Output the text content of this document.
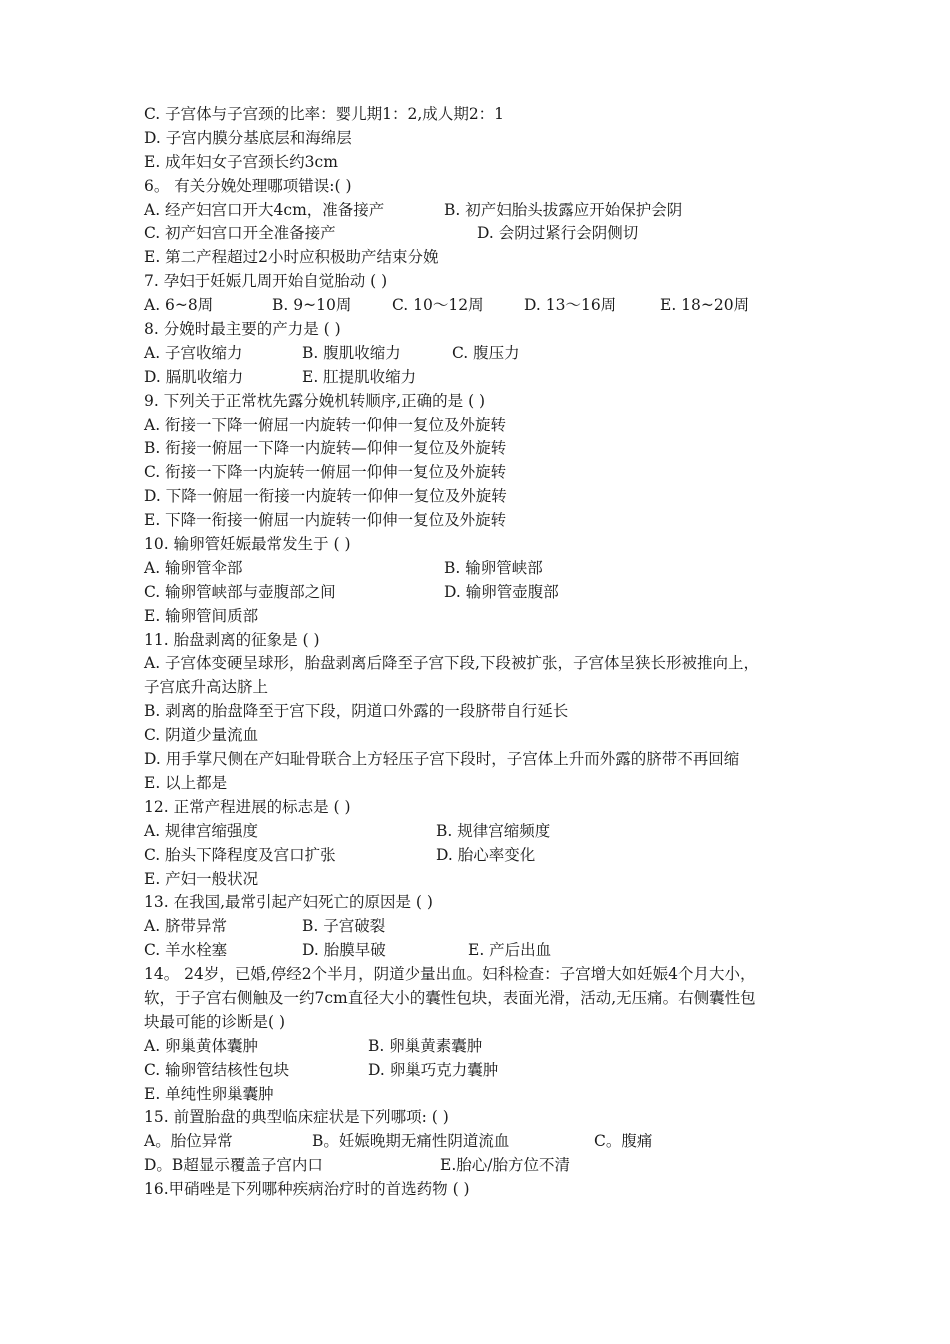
C. 子宫体与子宫颈的比率：婴儿期1：2,成人期2：1
D. 子宫内膜分基底层和海绵层
E. 成年妇女子宫颈长约3cm
6。 有关分娩处理哪项错误:( )
A. 经产妇宫口开大4cm，准备接产	B. 初产妇胎头拔露应开始保护会阴
C. 初产妇宫口开全准备接产	D. 会阴过紧行会阴侧切
E. 第二产程超过2小时应积极助产结束分娩
7. 孕妇于妊娠几周开始自觉胎动 ( )
A. 6~8周	B. 9~10周	C. 10～12周	D. 13～16周	E. 18~20周
8. 分娩时最主要的产力是 ( )
A. 子宫收缩力	B. 腹肌收缩力	C. 腹压力
D. 膈肌收缩力	E. 肛提肌收缩力
9. 下列关于正常枕先露分娩机转顺序,正确的是 ( )
A. 衔接一下降一俯屈一内旋转一仰伸一复位及外旋转
B. 衔接一俯屈一下降一内旋转—仰伸一复位及外旋转
C. 衔接一下降一内旋转一俯屈一仰伸一复位及外旋转
D. 下降一俯屈一衔接一内旋转一仰伸一复位及外旋转
E. 下降一衔接一俯屈一内旋转一仰伸一复位及外旋转
10. 输卵管妊娠最常发生于 ( )
A. 输卵管伞部	B. 输卵管峡部
C. 输卵管峡部与壶腹部之间	D. 输卵管壶腹部
E. 输卵管间质部
11. 胎盘剥离的征象是 ( )
A. 子宫体变硬呈球形，胎盘剥离后降至子宫下段,下段被扩张，子宫体呈狭长形被推向上，
子宫底升高达脐上
B. 剥离的胎盘降至于宫下段，阴道口外露的一段脐带自行延长
C. 阴道少量流血
D. 用手掌尺侧在产妇耻骨联合上方轻压子宫下段时，子宫体上升而外露的脐带不再回缩
E. 以上都是
12. 正常产程进展的标志是 ( )
A. 规律宫缩强度	B. 规律宫缩频度
C. 胎头下降程度及宫口扩张	D. 胎心率变化
E. 产妇一般状况
13. 在我国,最常引起产妇死亡的原因是 ( )
A. 脐带异常	B. 子宫破裂
C. 羊水栓塞	D. 胎膜早破	E. 产后出血
14。 24岁，已婚,停经2个半月，阴道少量出血。妇科检查：子宫增大如妊娠4个月大小，
软，于子宫右侧触及一约7cm直径大小的囊性包块，表面光滑，活动,无压痛。右侧囊性包
块最可能的诊断是( )
A. 卵巢黄体囊肿	B. 卵巢黄素囊肿
C. 输卵管结核性包块	D. 卵巢巧克力囊肿
E. 单纯性卵巢囊肿
15. 前置胎盘的典型临床症状是下列哪项: ( )
A。胎位异常	B。妊娠晚期无痛性阴道流血	C。腹痛
D。B超显示覆盖子宫内口	E.胎心/胎方位不清
16.甲硝唑是下列哪种疾病治疗时的首选药物 ( )
